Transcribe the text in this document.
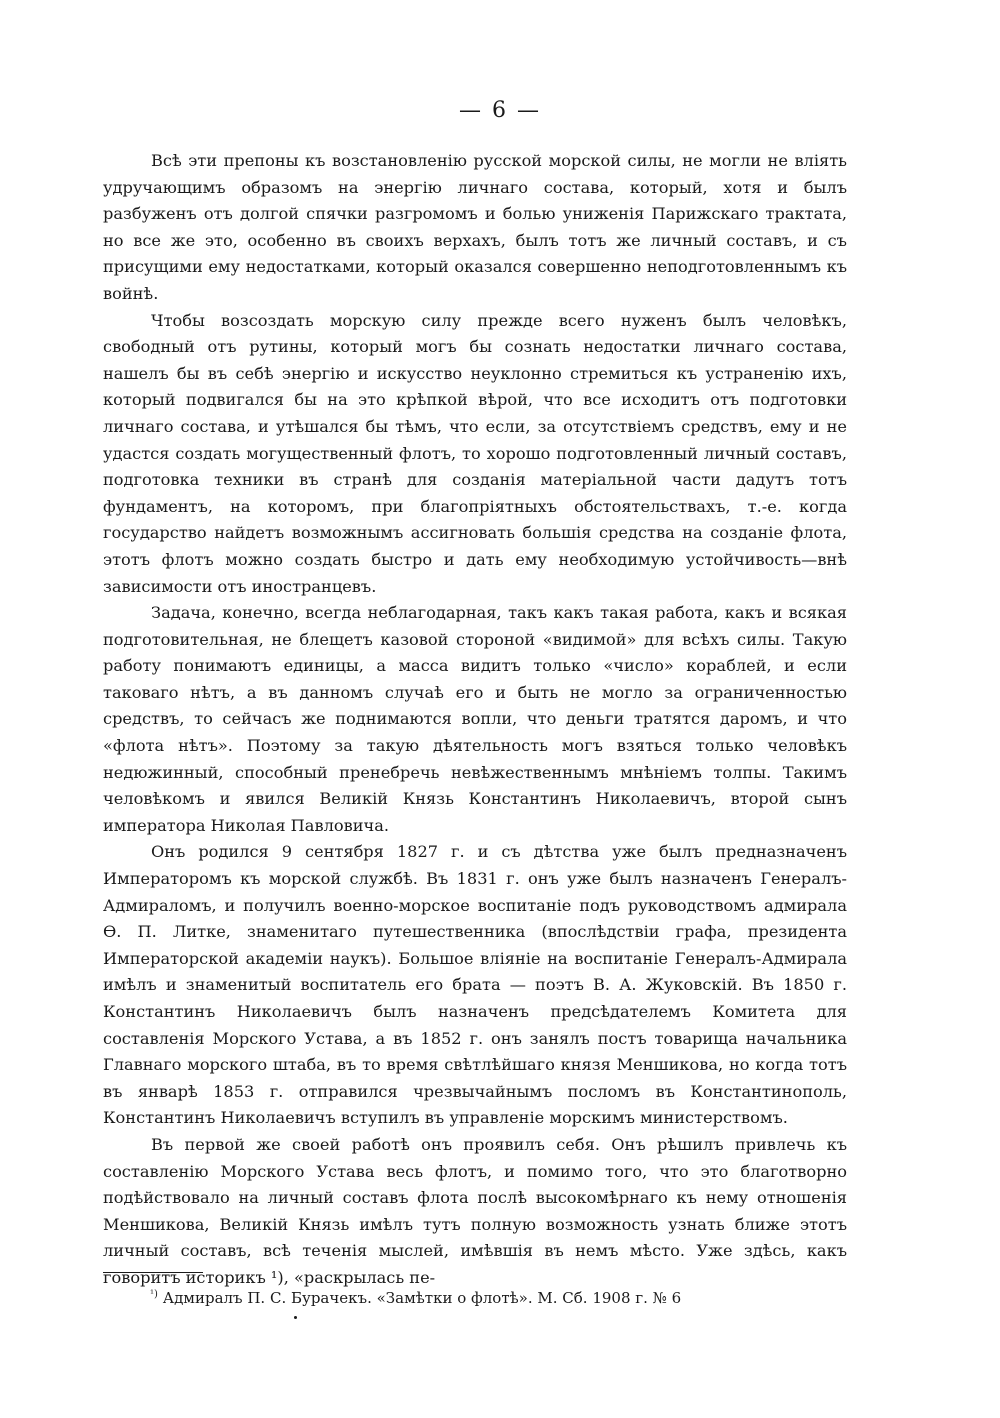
— 6 —

Всѣ эти препоны къ возстановленію русской морской силы, не могли не вліять удручающимъ образомъ на энергію личнаго состава, который, хотя и былъ разбуженъ отъ долгой спячки разгромомъ и болью униженія Парижскаго трактата, но все же это, особенно въ своихъ верхахъ, былъ тотъ же личный составъ, и съ присущими ему недостатками, который оказался совершенно неподготовленнымъ къ войнѣ.

Чтобы возсоздать морскую силу прежде всего нуженъ былъ человѣкъ, свободный отъ рутины, который могъ бы сознать недостатки личнаго состава, нашелъ бы въ себѣ энергію и искусство неуклонно стремиться къ устраненію ихъ, который подвигался бы на это крѣпкой вѣрой, что все исходитъ отъ подготовки личнаго состава, и утѣшался бы тѣмъ, что если, за отсутствіемъ средствъ, ему и не удастся создать могущественный флотъ, то хорошо подготовленный личный составъ, подготовка техники въ странѣ для созданія матеріальной части дадутъ тотъ фундаментъ, на которомъ, при благопріятныхъ обстоятельствахъ, т.-е. когда государство найдетъ возможнымъ ассигновать большія средства на созданіе флота, этотъ флотъ можно создать быстро и дать ему необходимую устойчивость—внѣ зависимости отъ иностранцевъ.

Задача, конечно, всегда неблагодарная, такъ какъ такая работа, какъ и всякая подготовительная, не блещетъ казовой стороной «видимой» для всѣхъ силы. Такую работу понимаютъ единицы, а масса видитъ только «число» кораблей, и если таковаго нѣтъ, а въ данномъ случаѣ его и быть не могло за ограниченностью средствъ, то сейчасъ же поднимаются вопли, что деньги тратятся даромъ, и что «флота нѣтъ». Поэтому за такую дѣятельность могъ взяться только человѣкъ недюжинный, способный пренебречь невѣжественнымъ мнѣніемъ толпы. Такимъ человѣкомъ и явился Великій Князь Константинъ Николаевичъ, второй сынъ императора Николая Павловича.

Онъ родился 9 сентября 1827 г. и съ дѣтства уже былъ предназначенъ Императоромъ къ морской службѣ. Въ 1831 г. онъ уже былъ назначенъ Генералъ-Адмираломъ, и получилъ военно-морское воспитаніе подъ руководствомъ адмирала Ѳ. П. Литке, знаменитаго путешественника (впослѣдствіи графа, президента Императорской академіи наукъ). Большое вліяніе на воспитаніе Генералъ-Адмирала имѣлъ и знаменитый воспитатель его брата — поэтъ В. А. Жуковскій. Въ 1850 г. Константинъ Николаевичъ былъ назначенъ предсѣдателемъ Комитета для составленія Морского Устава, а въ 1852 г. онъ занялъ постъ товарища начальника Главнаго морского штаба, въ то время свѣтлѣйшаго князя Меншикова, но когда тотъ въ январѣ 1853 г. отправился чрезвычайнымъ посломъ въ Константинополь, Константинъ Николаевичъ вступилъ въ управленіе морскимъ министерствомъ.

Въ первой же своей работѣ онъ проявилъ себя. Онъ рѣшилъ привлечь къ составленію Морского Устава весь флотъ, и помимо того, что это благотворно подѣйствовало на личный составъ флота послѣ высокомѣрнаго къ нему отношенія Меншикова, Великій Князь имѣлъ тутъ полную возможность узнать ближе этотъ личный составъ, всѣ теченія мыслей, имѣвшія въ немъ мѣсто. Уже здѣсь, какъ говоритъ историкъ ¹), «раскрылась пе-

$^{^1)}$ Адмиралъ П. С. Бурачекъ. «Замѣтки о флотѣ». М. Сб. 1908 г. № 6
